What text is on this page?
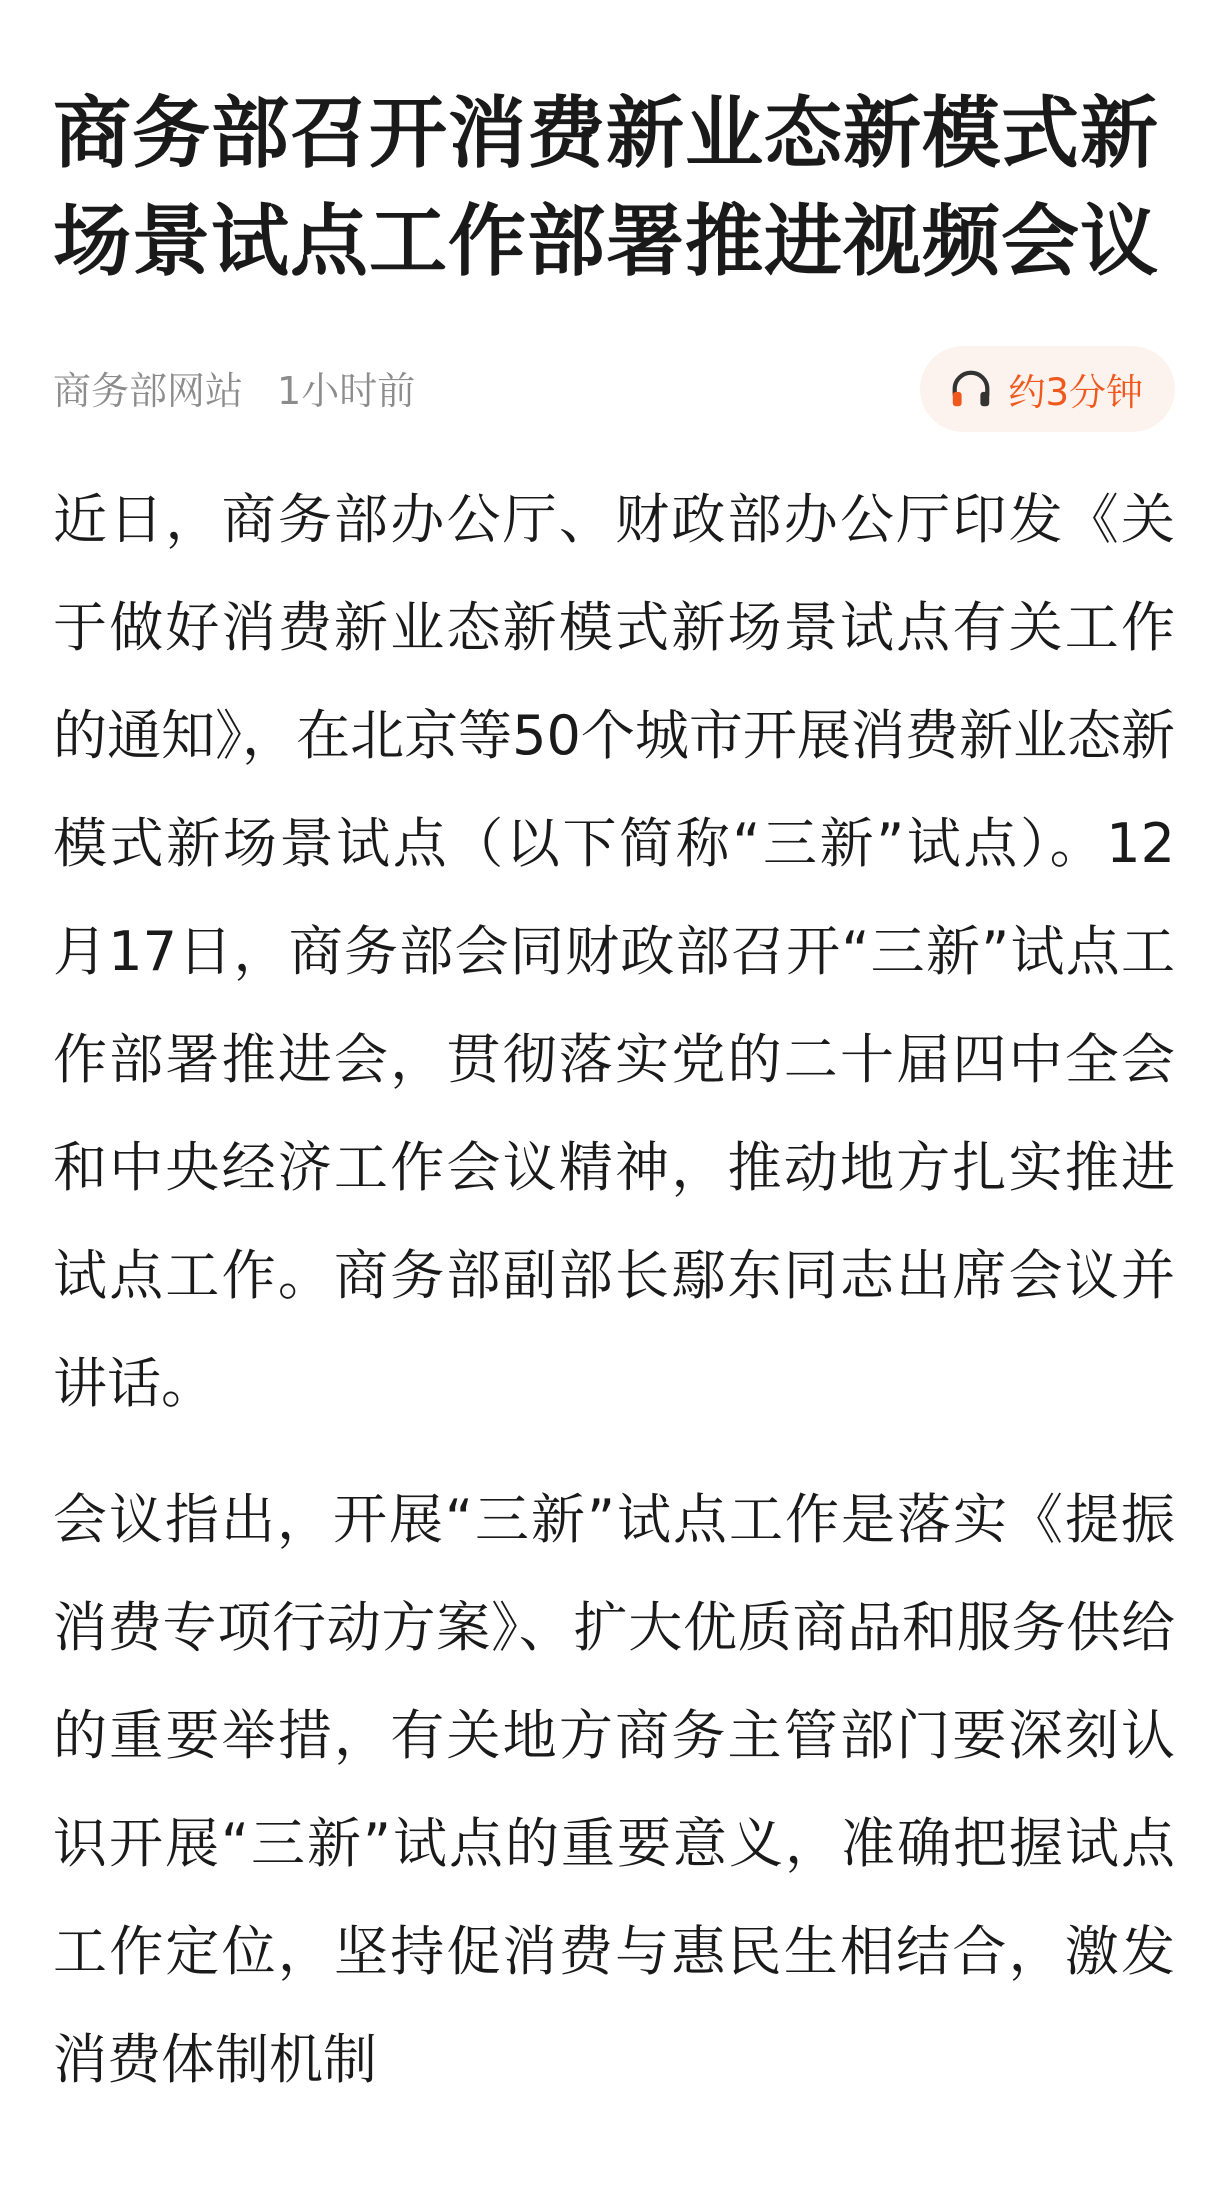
商务部召开消费新业态新模式新场景试点工作部署推进视频会议
商务部网站 1小时前	约3分钟

近日，商务部办公厅、财政部办公厅印发《关于做好消费新业态新模式新场景试点有关工作的通知》，在北京等50个城市开展消费新业态新模式新场景试点（以下简称“三新”试点）。12月17日，商务部会同财政部召开“三新”试点工作部署推进会，贯彻落实党的二十届四中全会和中央经济工作会议精神，推动地方扎实推进试点工作。商务部副部长鄢东同志出席会议并讲话。

会议指出，开展“三新”试点工作是落实《提振消费专项行动方案》、扩大优质商品和服务供给的重要举措，有关地方商务主管部门要深刻认识开展“三新”试点的重要意义，准确把握试点工作定位，坚持促消费与惠民生相结合，激发消费体制机制
